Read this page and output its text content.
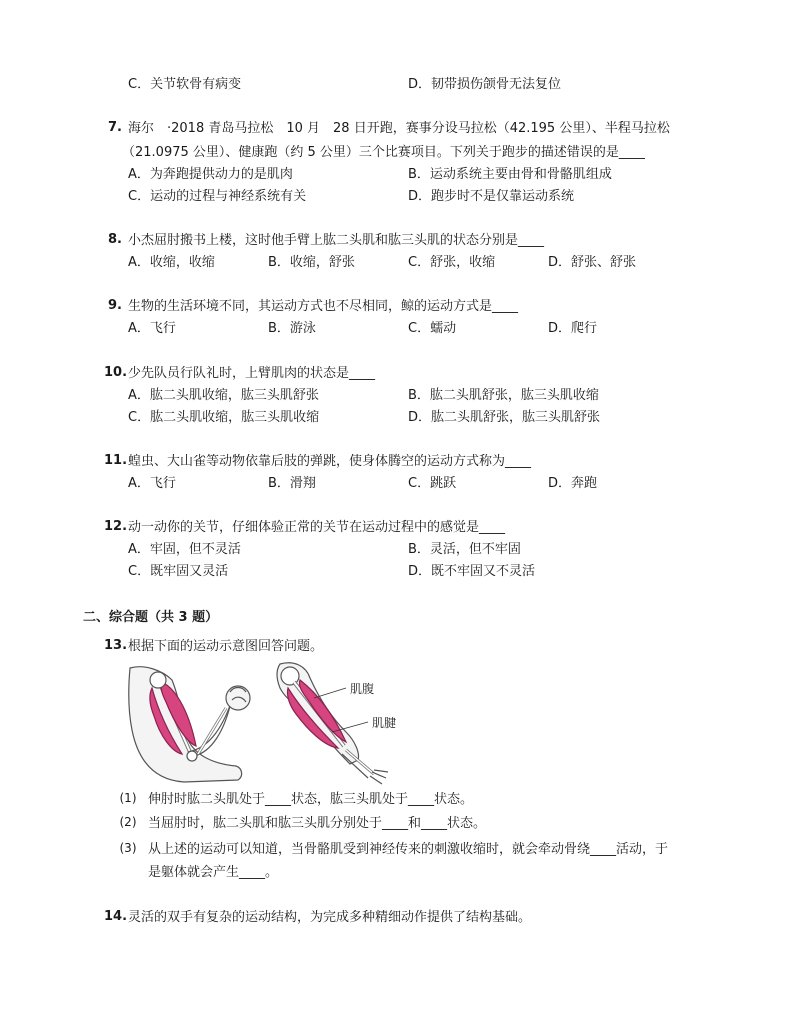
C．关节软骨有病变	D．韧带损伤颌骨无法复位
7. 海尔　·2018 青岛马拉松　10 月　28 日开跑，赛事分设马拉松（42.195 公里）、半程马拉松
（21.0975 公里）、健康跑（约 5 公里）三个比赛项目。下列关于跑步的描述错误的是____
A．为奔跑提供动力的是肌肉	B．运动系统主要由骨和骨骼肌组成
C．运动的过程与神经系统有关	D．跑步时不是仅靠运动系统
8. 小杰屈肘搬书上楼，这时他手臂上肱二头肌和肱三头肌的状态分别是____
A．收缩，收缩	B．收缩，舒张	C．舒张，收缩	D．舒张、舒张
9. 生物的生活环境不同，其运动方式也不尽相同，鲸的运动方式是____
A．飞行	B．游泳	C．蠕动	D．爬行
10. 少先队员行队礼时，上臂肌肉的状态是____
A．肱二头肌收缩，肱三头肌舒张	B．肱二头肌舒张，肱三头肌收缩
C．肱二头肌收缩，肱三头肌收缩	D．肱二头肌舒张，肱三头肌舒张
11. 蝗虫、大山雀等动物依靠后肢的弹跳，使身体腾空的运动方式称为____
A．飞行	B．滑翔	C．跳跃	D．奔跑
12. 动一动你的关节，仔细体验正常的关节在运动过程中的感觉是____
A．牢固，但不灵活	B．灵活，但不牢固
C．既牢固又灵活	D．既不牢固又不灵活
二、综合题（共 3 题）
13. 根据下面的运动示意图回答问题。
肌腹
肌腱
(1) 伸肘时肱二头肌处于____状态，肱三头肌处于____状态。
(2) 当屈肘时，肱二头肌和肱三头肌分别处于____和____状态。
(3) 从上述的运动可以知道，当骨骼肌受到神经传来的刺激收缩时，就会牵动骨绕____活动，于
是躯体就会产生____。
14. 灵活的双手有复杂的运动结构，为完成多种精细动作提供了结构基础。
